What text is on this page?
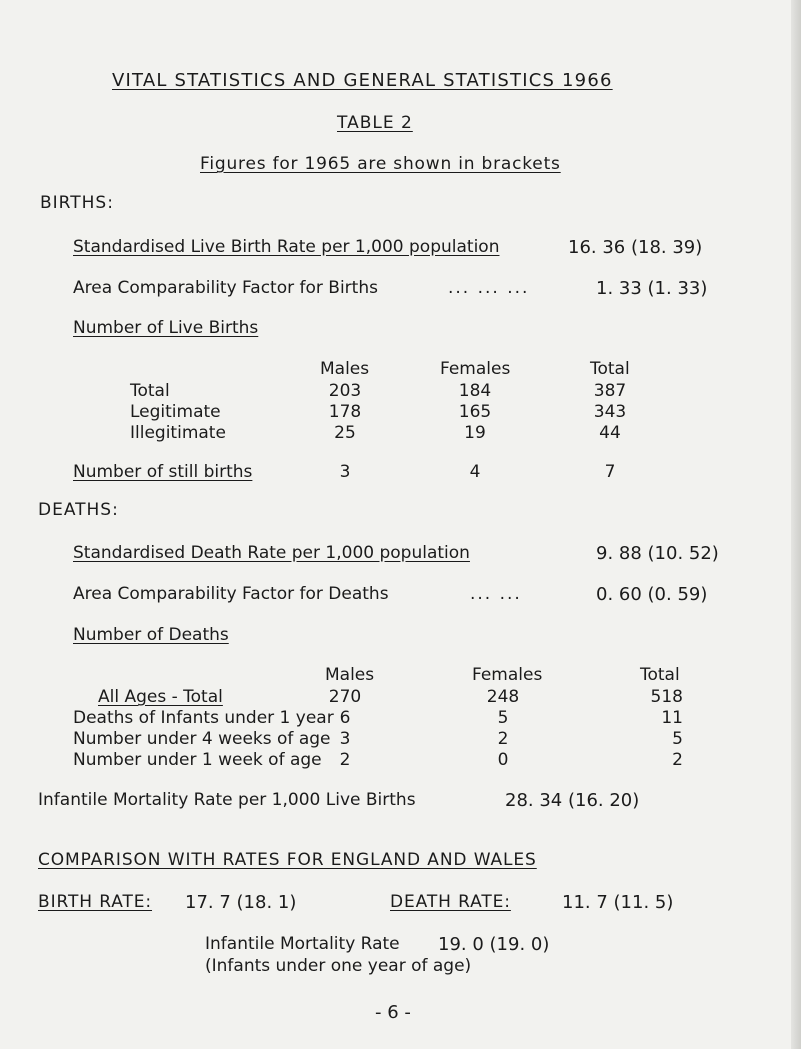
VITAL STATISTICS AND GENERAL STATISTICS 1966
TABLE 2
Figures for 1965 are shown in brackets
BIRTHS:
Standardised Live Birth Rate per 1,000 population	16. 36 (18. 39)
Area Comparability Factor for Births	... ... ...	1. 33 (1. 33)
Number of Live Births
Males	Females	Total
Total	203	184	387
Legitimate	178	165	343
Illegitimate	25	19	44
Number of still births	3	4	7
DEATHS:
Standardised Death Rate per 1,000 population	9. 88 (10. 52)
Area Comparability Factor for Deaths	... ...	0. 60 (0. 59)
Number of Deaths
Males	Females	Total
All Ages - Total	270	248	518
Deaths of Infants under 1 year 6	5	11
Number under 4 weeks of age 3	2	5
Number under 1 week of age	2	0	2
Infantile Mortality Rate per 1,000 Live Births	28. 34 (16. 20)
COMPARISON WITH RATES FOR ENGLAND AND WALES
BIRTH RATE: 17. 7 (18. 1)	DEATH RATE:	11. 7 (11. 5)
Infantile Mortality Rate 19. 0 (19. 0)
(Infants under one year of age)
- 6 -
